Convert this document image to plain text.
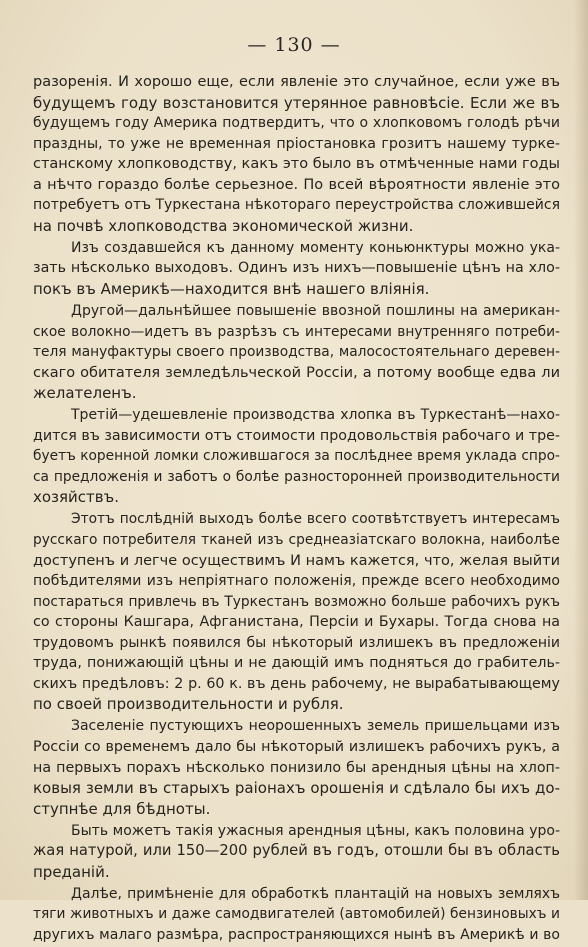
— 130 —
разоренія. И хорошо еще, если явленіе это случайное, если уже въ
будущемъ году возстановится утерянное равновѣсіе. Если же въ
будущемъ году Америка подтвердитъ, что о хлопковомъ голодѣ рѣчи
праздны, то уже не временная пріостановка грозитъ нашему турке-
станскому хлопководству, какъ это было въ отмѣченные нами годы
а нѣчто гораздо болѣе серьезное. По всей вѣроятности явленіе это
потребуетъ отъ Туркестана нѣкотораго переустройства сложившейся
на почвѣ хлопководства экономической жизни.
Изъ создавшейся къ данному моменту коньюнктуры можно ука-
зать нѣсколько выходовъ. Одинъ изъ нихъ—повышеніе цѣнъ на хло-
покъ въ Америкѣ—находится внѣ нашего вліянія.
Другой—дальнѣйшее повышеніе ввозной пошлины на американ-
ское волокно—идетъ въ разрѣзъ съ интересами внутренняго потреби-
теля мануфактуры своего производства, малосостоятельнаго деревен-
скаго обитателя земледѣльческой Россіи, а потому вообще едва ли
желателенъ.
Третій—удешевленіе производства хлопка въ Туркестанѣ—нахо-
дится въ зависимости отъ стоимости продовольствія рабочаго и тре-
буетъ коренной ломки сложившагося за послѣднее время уклада спро-
са предложенія и заботъ о болѣе разносторонней производительности
хозяйствъ.
Этотъ послѣдній выходъ болѣе всего соотвѣтствуетъ интересамъ
русскаго потребителя тканей изъ среднеазіатскаго волокна, наиболѣе
доступенъ и легче осуществимъ И намъ кажется, что, желая выйти
побѣдителями изъ непріятнаго положенія, прежде всего необходимо
постараться привлечь въ Туркестанъ возможно больше рабочихъ рукъ
со стороны Кашгара, Афганистана, Персіи и Бухары. Тогда снова на
трудовомъ рынкѣ появился бы нѣкоторый излишекъ въ предложеніи
труда, понижающій цѣны и не дающій имъ подняться до грабитель-
скихъ предѣловъ: 2 р. 60 к. въ день рабочему, не вырабатывающему
по своей производительности и рубля.
Заселеніе пустующихъ неорошенныхъ земель пришельцами изъ
Россіи со временемъ дало бы нѣкоторый излишекъ рабочихъ рукъ, а
на первыхъ порахъ нѣсколько понизило бы арендныя цѣны на хлоп-
ковыя земли въ старыхъ раіонахъ орошенія и сдѣлало бы ихъ до-
ступнѣе для бѣдноты.
Быть можетъ такія ужасныя арендныя цѣны, какъ половина уро-
жая натурой, или 150—200 рублей въ годъ, отошли бы въ область
преданій.
Далѣе, примѣненіе для обработкѣ плантацій на новыхъ земляхъ
тяги животныхъ и даже самодвигателей (автомобилей) бензиновыхъ и
другихъ малаго размѣра, распространяющихся нынѣ въ Америкѣ и во
